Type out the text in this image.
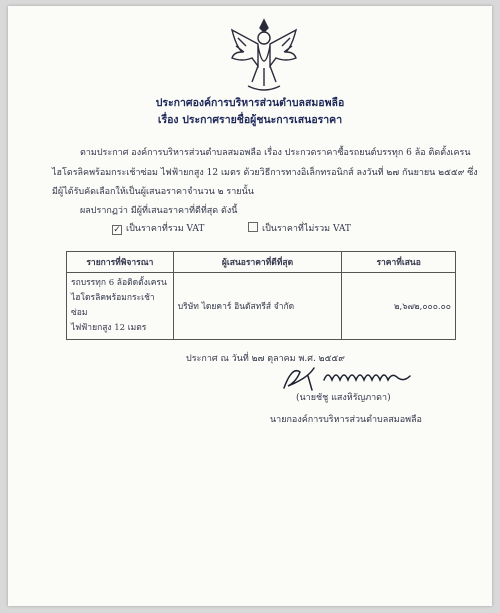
ประกาศองค์การบริหารส่วนตำบลสมอพลือ
เรื่อง ประกาศรายชื่อผู้ชนะการเสนอราคา
ตามประกาศ องค์การบริหารส่วนตำบลสมอพลือ เรื่อง ประกวดราคาซื้อรถยนต์บรรทุก 6 ล้อ ติดตั้งเครน
ไฮโดรลิคพร้อมกระเช้าซ่อม ไฟฟ้ายกสูง 12 เมตร ด้วยวิธีการทางอิเล็กทรอนิกส์ ลงวันที่ ๒๗ กันยายน ๒๕๕๙ ซึ่ง
มีผู้ได้รับคัดเลือกให้เป็นผู้เสนอราคาจำนวน ๒ รายนั้น
ผลปรากฏว่า มีผู้ที่เสนอราคาที่ดีที่สุด ดังนี้
✓ เป็นราคาที่รวม VAT	เป็นราคาที่ไม่รวม VAT
รายการที่พิจารณา	ผู้เสนอราคาที่ดีที่สุด	ราคาที่เสนอ

รถบรรทุก 6 ล้อติดตั้งเครน
ไฮโดรลิคพร้อมกระเช้าซ่อม
ไฟฟ้ายกสูง 12 เมตร	บริษัท ไดยคาร์ อินดัสทรีส์ จำกัด	๒,๖๗๒,๐๐๐.๐๐
ประกาศ ณ วันที่ ๒๗ ตุลาคม พ.ศ. ๒๕๕๙
(นายชัชู แสงหิรัญภาดา)
นายกองค์การบริหารส่วนตำบลสมอพลือ
